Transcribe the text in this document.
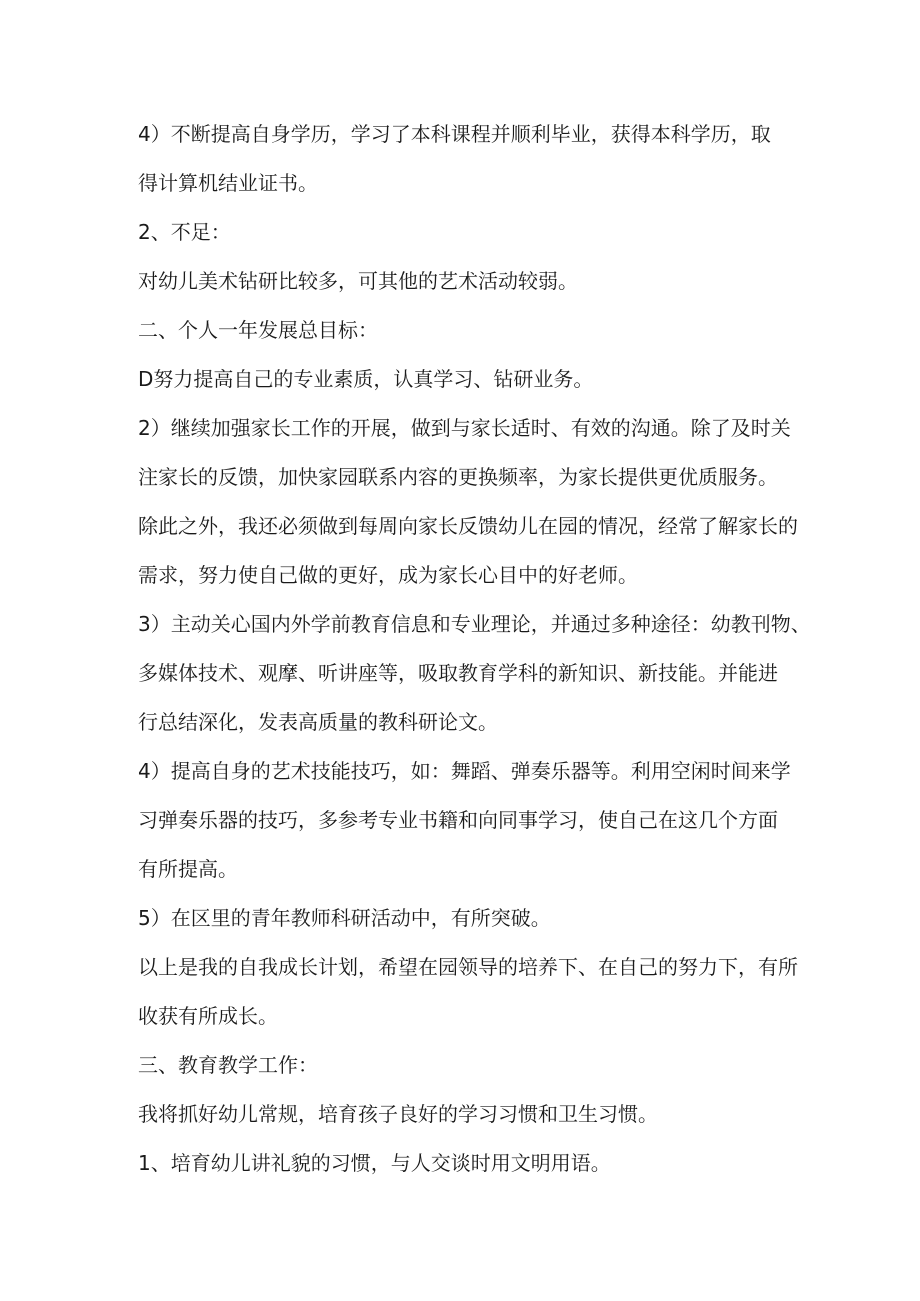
4）不断提高自身学历，学习了本科课程并顺利毕业，获得本科学历，取
得计算机结业证书。
2、不足：
对幼儿美术钻研比较多，可其他的艺术活动较弱。
二、个人一年发展总目标：
D努力提高自己的专业素质，认真学习、钻研业务。
2）继续加强家长工作的开展，做到与家长适时、有效的沟通。除了及时关
注家长的反馈，加快家园联系内容的更换频率，为家长提供更优质服务。
除此之外，我还必须做到每周向家长反馈幼儿在园的情况，经常了解家长的
需求，努力使自己做的更好，成为家长心目中的好老师。
3）主动关心国内外学前教育信息和专业理论，并通过多种途径：幼教刊物、
多媒体技术、观摩、听讲座等，吸取教育学科的新知识、新技能。并能进
行总结深化，发表高质量的教科研论文。
4）提高自身的艺术技能技巧，如：舞蹈、弹奏乐器等。利用空闲时间来学
习弹奏乐器的技巧，多参考专业书籍和向同事学习，使自己在这几个方面
有所提高。
5）在区里的青年教师科研活动中，有所突破。
以上是我的自我成长计划，希望在园领导的培养下、在自己的努力下，有所
收获有所成长。
三、教育教学工作：
我将抓好幼儿常规，培育孩子良好的学习习惯和卫生习惯。
1、培育幼儿讲礼貌的习惯，与人交谈时用文明用语。
